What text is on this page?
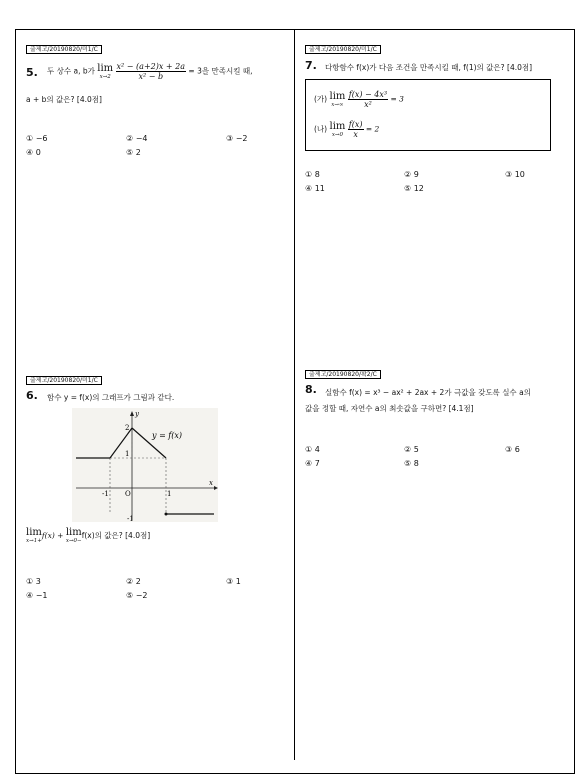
출제고/20190820/미1/C
5. 두 상수 a, b가 lim
x→2
$\frac{\text{x² − (a+2)x + 2a}}{\text{x² − b}} = 3$을 만족시킬 때,
a + b의 값은? [4.0점]
① −6	② −4	③ −2
④ 0	⑤ 2
출제고/20190820/미1/C
7. 다항함수 f(x)가 다음 조건을 만족시킬 때, f(1)의 값은? [4.0점]
(가) lim
x→∞
$\frac{\text{f(x) − 4x³}}{\text{x²}} = 3$
(나) lim
x→0
$\frac{f(x)}{x} = 2$
① 8	② 9	③ 10
④ 11	⑤ 12
출제고/20190820/미1/C
6. 함수 y = f(x)의 그래프가 그림과 같다.
y = f(x)
x
y
O
2
1
-1
-1	1
lim
x→1+
f(x) + lim
x→0−
f(x)의 값은? [4.0점]
① 3	② 2	③ 1
④ −1	⑤ −2
출제고/20190820/확2/C
8. 실함수 f(x) = x³ − ax² + 2ax + 2가 극값을 갖도록 실수 a의
값을 정할 때, 자연수 a의 최솟값을 구하면? [4.1점]
① 4	② 5	③ 6
④ 7	⑤ 8
